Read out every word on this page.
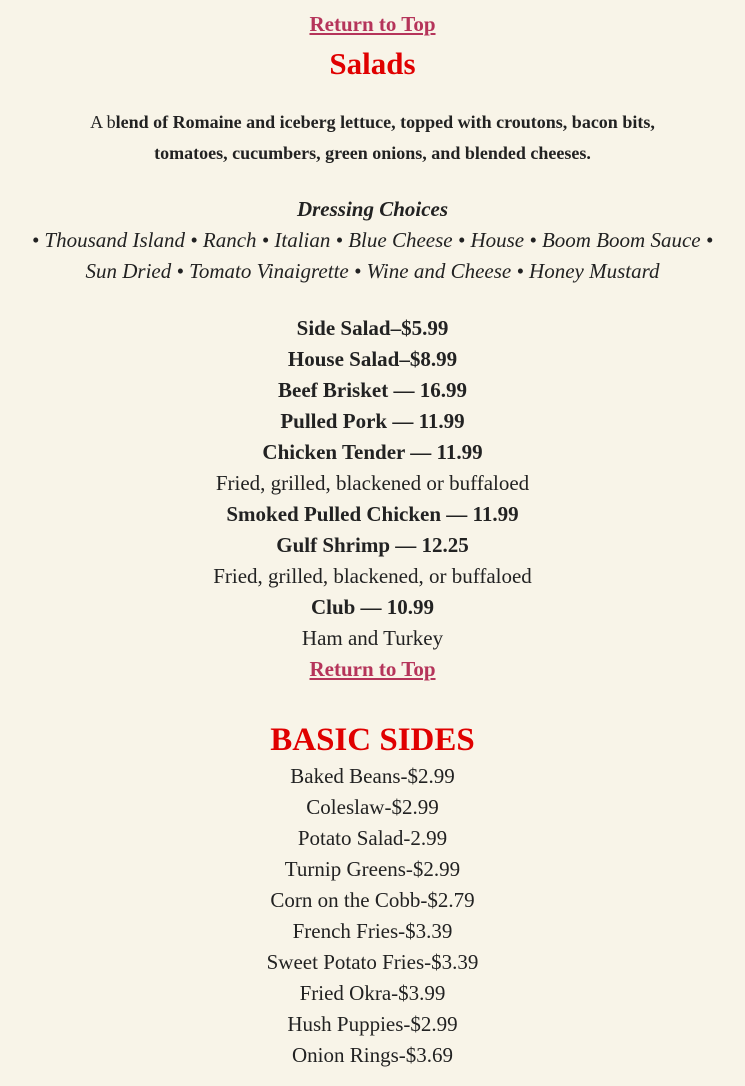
Return to Top
Salads
A blend of Romaine and iceberg lettuce, topped with croutons, bacon bits, tomatoes, cucumbers, green onions, and blended cheeses.
Dressing Choices
• Thousand Island • Ranch • Italian • Blue Cheese • House • Boom Boom Sauce • Sun Dried • Tomato Vinaigrette • Wine and Cheese • Honey Mustard
Side Salad–$5.99
House Salad–$8.99
Beef Brisket — 16.99
Pulled Pork — 11.99
Chicken Tender — 11.99
Fried, grilled, blackened or buffaloed
Smoked Pulled Chicken — 11.99
Gulf Shrimp — 12.25
Fried, grilled, blackened, or buffaloed
Club — 10.99
Ham and Turkey
Return to Top
BASIC SIDES
Baked Beans-$2.99
Coleslaw-$2.99
Potato Salad-2.99
Turnip Greens-$2.99
Corn on the Cobb-$2.79
French Fries-$3.39
Sweet Potato Fries-$3.39
Fried Okra-$3.99
Hush Puppies-$2.99
Onion Rings-$3.69
